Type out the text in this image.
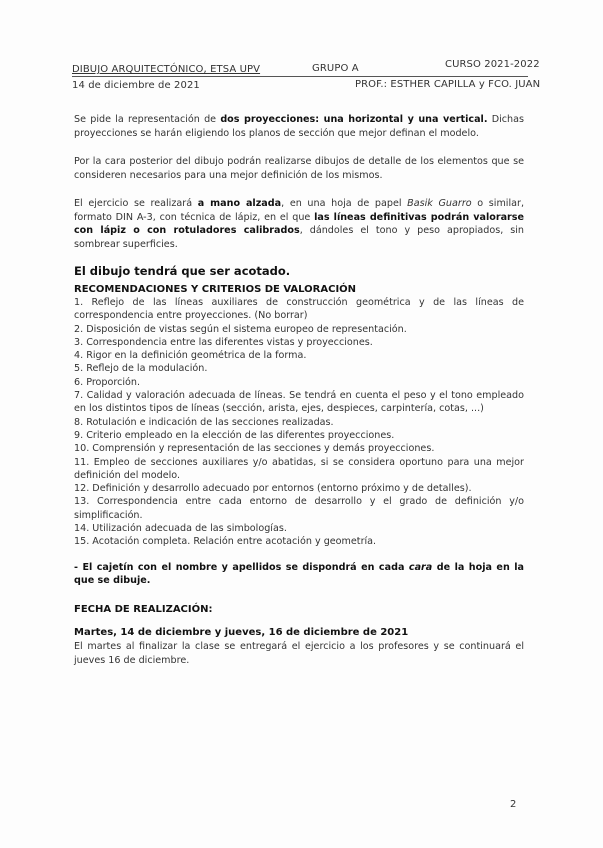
DIBUJO ARQUITECTÓNICO, ETSA UPV	GRUPO A	CURSO 2021-2022
14 de diciembre de 2021	PROF.: ESTHER CAPILLA y FCO. JUAN
Se pide la representación de dos proyecciones: una horizontal y una vertical. Dichas proyecciones se harán eligiendo los planos de sección que mejor definan el modelo.
Por la cara posterior del dibujo podrán realizarse dibujos de detalle de los elementos que se consideren necesarios para una mejor definición de los mismos.
El ejercicio se realizará a mano alzada, en una hoja de papel Basik Guarro o similar, formato DIN A-3, con técnica de lápiz, en el que las líneas definitivas podrán valorarse con lápiz o con rotuladores calibrados, dándoles el tono y peso apropiados, sin sombrear superficies.
El dibujo tendrá que ser acotado.
RECOMENDACIONES Y CRITERIOS DE VALORACIÓN
1. Reflejo de las líneas auxiliares de construcción geométrica y de las líneas de correspondencia entre proyecciones. (No borrar)
2. Disposición de vistas según el sistema europeo de representación.
3. Correspondencia entre las diferentes vistas y proyecciones.
4. Rigor en la definición geométrica de la forma.
5. Reflejo de la modulación.
6. Proporción.
7. Calidad y valoración adecuada de líneas. Se tendrá en cuenta el peso y el tono empleado en los distintos tipos de líneas (sección, arista, ejes, despieces, carpintería, cotas, ...)
8. Rotulación e indicación de las secciones realizadas.
9. Criterio empleado en la elección de las diferentes proyecciones.
10. Comprensión y representación de las secciones y demás proyecciones.
11. Empleo de secciones auxiliares y/o abatidas, si se considera oportuno para una mejor definición del modelo.
12. Definición y desarrollo adecuado por entornos (entorno próximo y de detalles).
13. Correspondencia entre cada entorno de desarrollo y el grado de definición y/o simplificación.
14. Utilización adecuada de las simbologías.
15. Acotación completa. Relación entre acotación y geometría.
- El cajetín con el nombre y apellidos se dispondrá en cada cara de la hoja en la que se dibuje.
FECHA DE REALIZACIÓN:
Martes, 14 de diciembre y jueves, 16 de diciembre de 2021
El martes al finalizar la clase se entregará el ejercicio a los profesores y se continuará el jueves 16 de diciembre.
2
